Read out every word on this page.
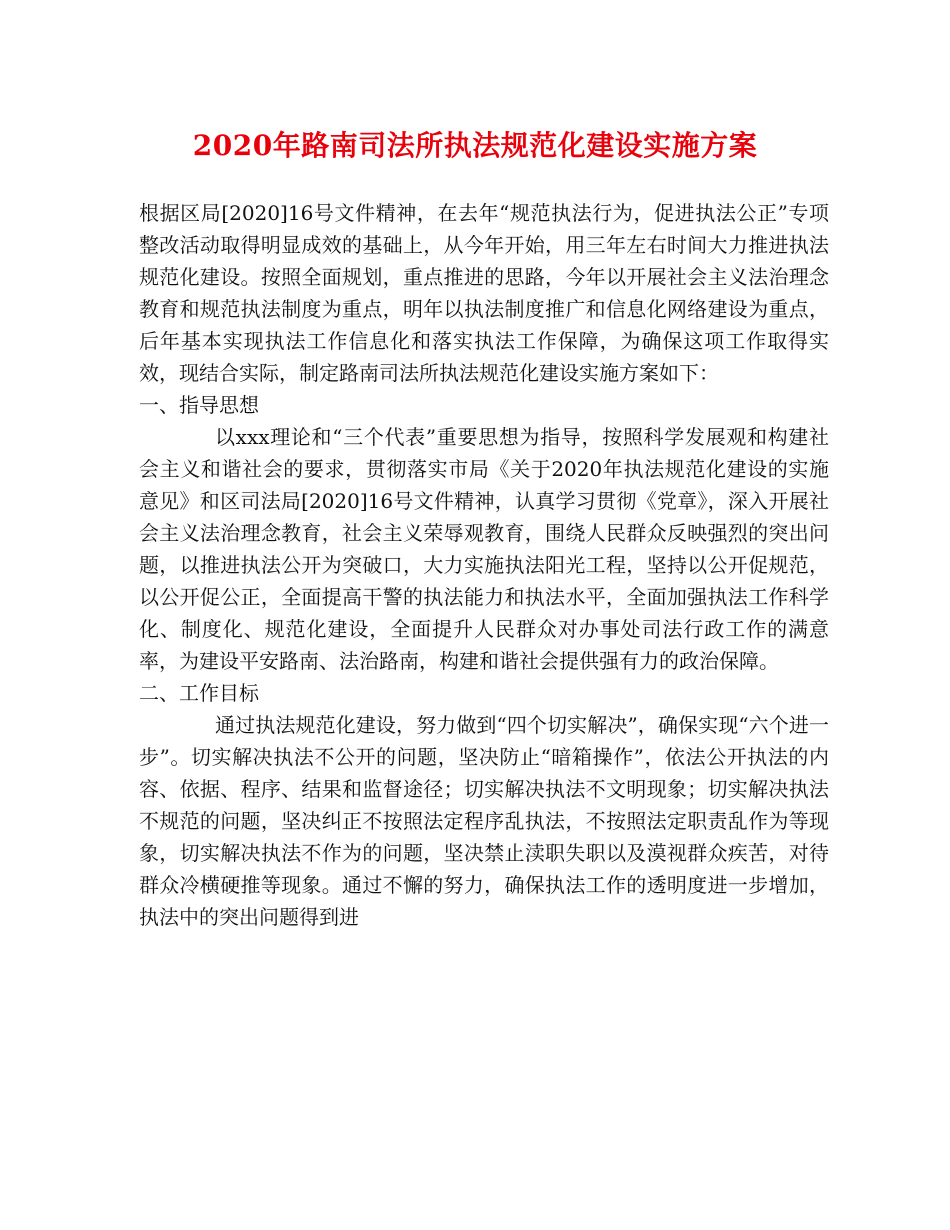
2020年路南司法所执法规范化建设实施方案

根据区局[2020]16号文件精神，在去年“规范执法行为，促进执法公正”专项整改活动取得明显成效的基础上，从今年开始，用三年左右时间大力推进执法规范化建设。按照全面规划，重点推进的思路，今年以开展社会主义法治理念教育和规范执法制度为重点，明年以执法制度推广和信息化网络建设为重点，后年基本实现执法工作信息化和落实执法工作保障，为确保这项工作取得实效，现结合实际，制定路南司法所执法规范化建设实施方案如下：

一、指导思想

以xxx理论和“三个代表”重要思想为指导，按照科学发展观和构建社会主义和谐社会的要求，贯彻落实市局《关于2020年执法规范化建设的实施意见》和区司法局[2020]16号文件精神，认真学习贯彻《党章》，深入开展社会主义法治理念教育，社会主义荣辱观教育，围绕人民群众反映强烈的突出问题，以推进执法公开为突破口，大力实施执法阳光工程，坚持以公开促规范，以公开促公正，全面提高干警的执法能力和执法水平，全面加强执法工作科学化、制度化、规范化建设，全面提升人民群众对办事处司法行政工作的满意率，为建设平安路南、法治路南，构建和谐社会提供强有力的政治保障。

二、工作目标

通过执法规范化建设，努力做到“四个切实解决”，确保实现“六个进一步”。切实解决执法不公开的问题，坚决防止“暗箱操作”，依法公开执法的内容、依据、程序、结果和监督途径；切实解决执法不文明现象；切实解决执法不规范的问题，坚决纠正不按照法定程序乱执法，不按照法定职责乱作为等现象，切实解决执法不作为的问题，坚决禁止渎职失职以及漠视群众疾苦，对待群众冷横硬推等现象。通过不懈的努力，确保执法工作的透明度进一步增加，执法中的突出问题得到进
